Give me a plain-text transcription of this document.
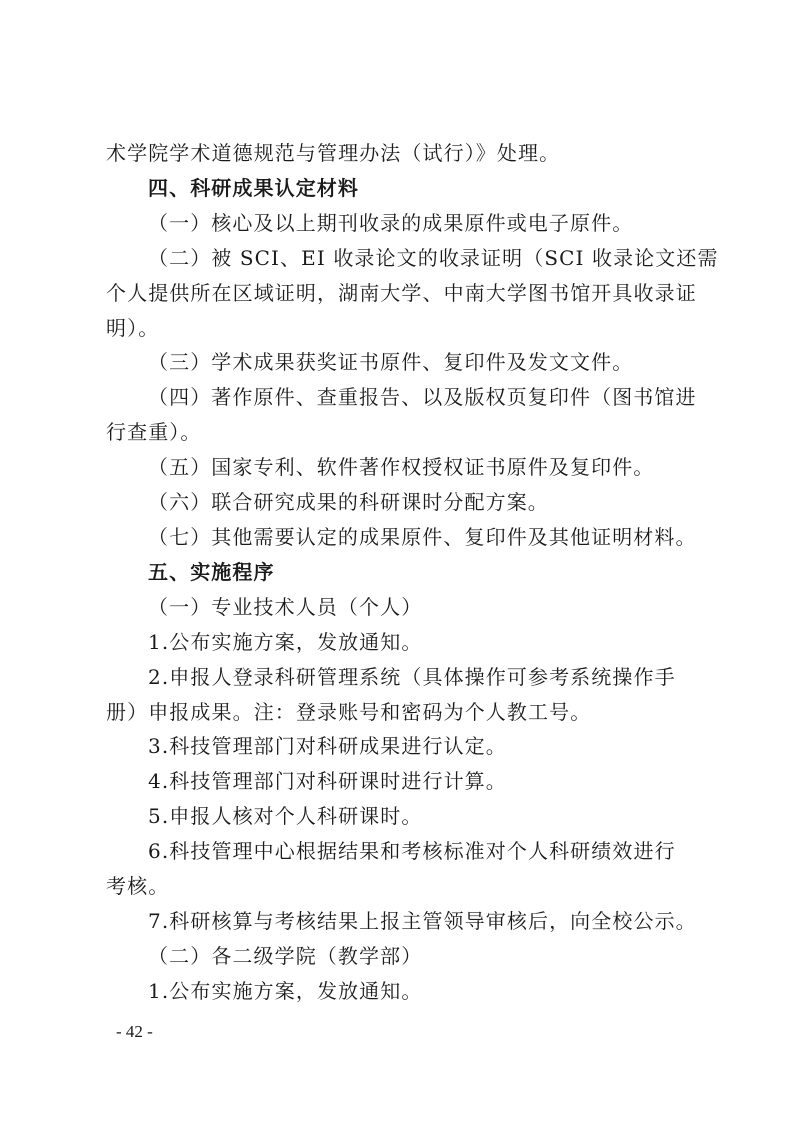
术学院学术道德规范与管理办法（试行）》处理。

四、科研成果认定材料

（一）核心及以上期刊收录的成果原件或电子原件。

（二）被 SCI、EI 收录论文的收录证明（SCI 收录论文还需

个人提供所在区域证明，湖南大学、中南大学图书馆开具收录证

明）。

（三）学术成果获奖证书原件、复印件及发文文件。

（四）著作原件、查重报告、以及版权页复印件（图书馆进

行查重）。

（五）国家专利、软件著作权授权证书原件及复印件。

（六）联合研究成果的科研课时分配方案。

（七）其他需要认定的成果原件、复印件及其他证明材料。

五、实施程序

（一）专业技术人员（个人）

1.公布实施方案，发放通知。

2.申报人登录科研管理系统（具体操作可参考系统操作手

册）申报成果。注：登录账号和密码为个人教工号。

3.科技管理部门对科研成果进行认定。

4.科技管理部门对科研课时进行计算。

5.申报人核对个人科研课时。

6.科技管理中心根据结果和考核标准对个人科研绩效进行

考核。

7.科研核算与考核结果上报主管领导审核后，向全校公示。

（二）各二级学院（教学部）

1.公布实施方案，发放通知。

- 42 -
